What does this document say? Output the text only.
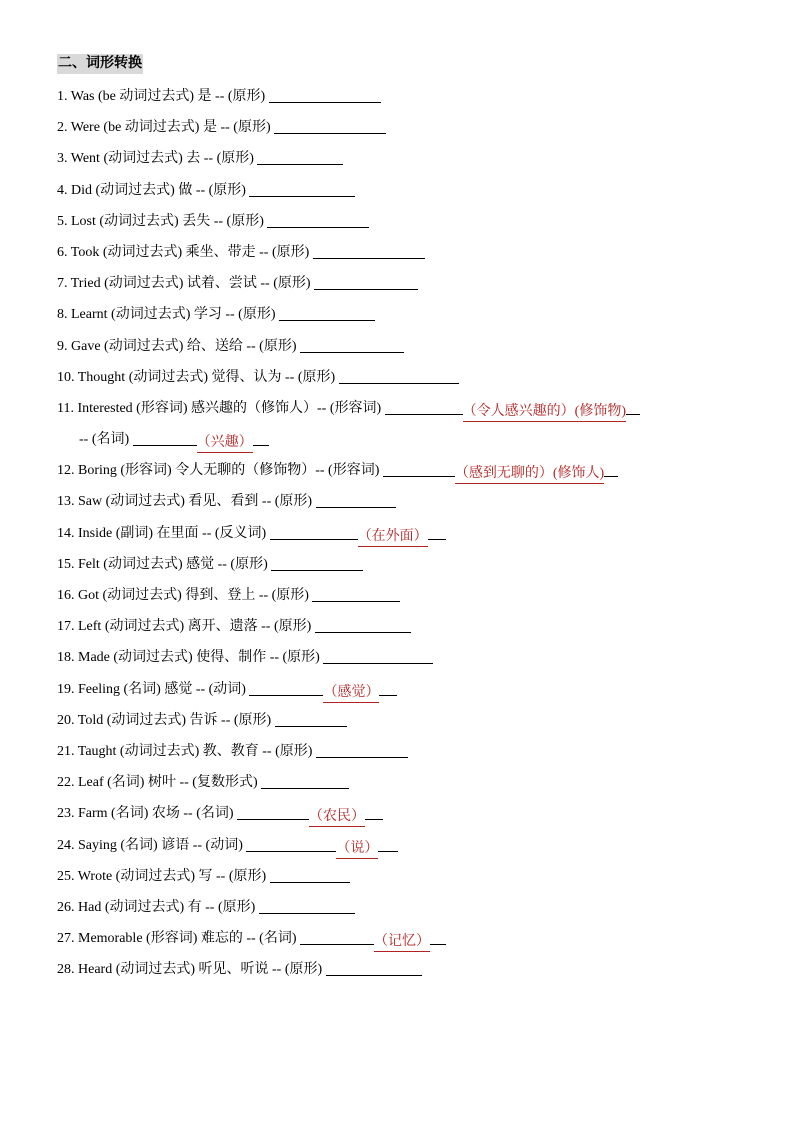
二、词形转换
1. Was (be 动词过去式) 是 -- (原形)
2. Were (be 动词过去式) 是 -- (原形)
3. Went (动词过去式) 去 -- (原形)
4. Did (动词过去式) 做 -- (原形)
5. Lost (动词过去式) 丢失 -- (原形)
6. Took (动词过去式) 乘坐、带走 -- (原形)
7. Tried (动词过去式) 试着、尝试 -- (原形)
8. Learnt (动词过去式) 学习 -- (原形)
9. Gave (动词过去式) 给、送给 -- (原形)
10. Thought (动词过去式) 觉得、认为 -- (原形)
11. Interested (形容词) 感兴趣的（修饰人）-- (形容词)	（令人感兴趣的）(修饰物)
-- (名词)	（兴趣）
12. Boring (形容词) 令人无聊的（修饰物）-- (形容词)	（感到无聊的）(修饰人)
13. Saw (动词过去式) 看见、看到 -- (原形)
14. Inside (副词) 在里面 -- (反义词)	（在外面）
15. Felt (动词过去式) 感觉 -- (原形)
16. Got (动词过去式) 得到、登上 -- (原形)
17. Left (动词过去式) 离开、遗落 -- (原形)
18. Made (动词过去式) 使得、制作 -- (原形)
19. Feeling (名词) 感觉 -- (动词)	（感觉）
20. Told (动词过去式) 告诉 -- (原形)
21. Taught (动词过去式) 教、教育 -- (原形)
22. Leaf (名词) 树叶 -- (复数形式)
23. Farm (名词) 农场 -- (名词)	（农民）
24. Saying (名词) 谚语 -- (动词)	（说）
25. Wrote (动词过去式) 写 -- (原形)
26. Had (动词过去式) 有 -- (原形)
27. Memorable (形容词) 难忘的 -- (名词)	（记忆）
28. Heard (动词过去式) 听见、听说 -- (原形)
